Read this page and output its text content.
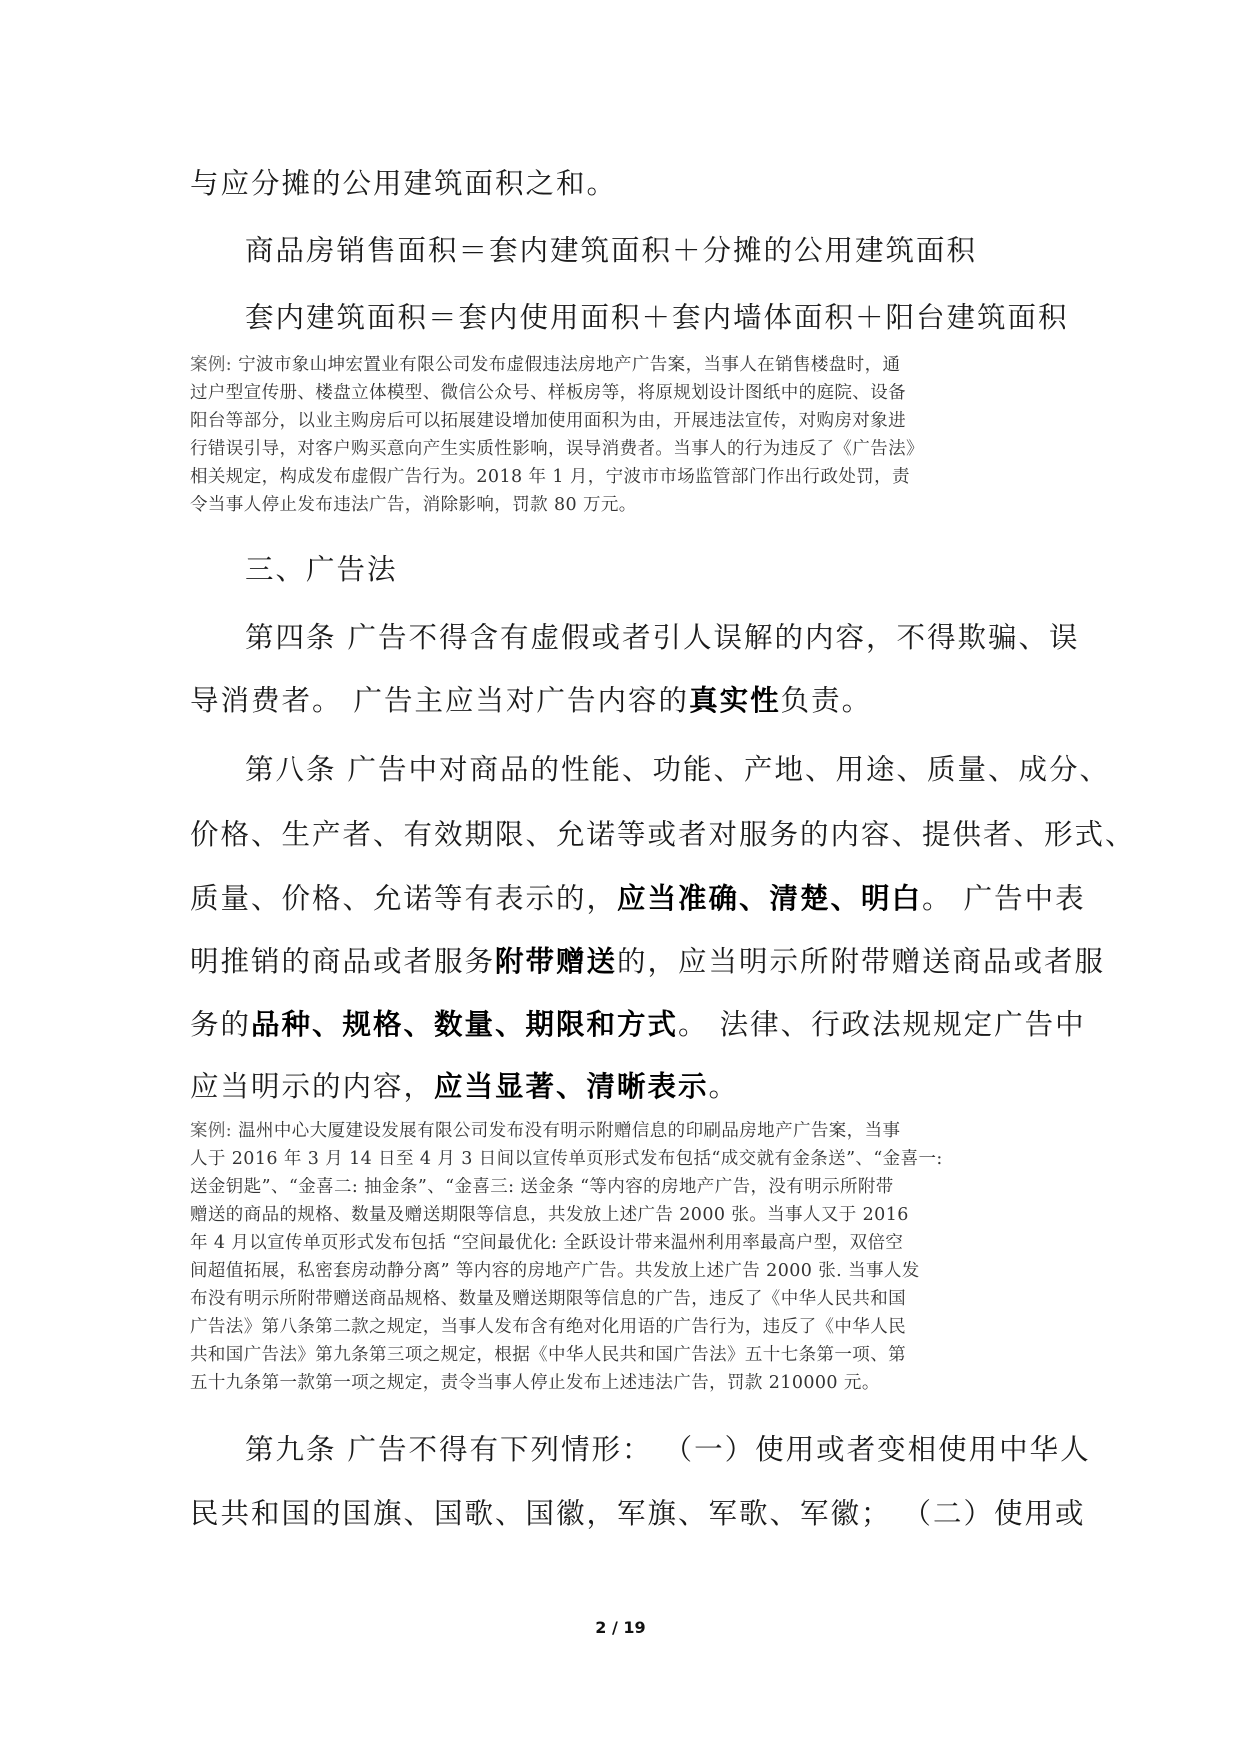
与应分摊的公用建筑面积之和。
商品房销售面积＝套内建筑面积＋分摊的公用建筑面积
套内建筑面积＝套内使用面积＋套内墙体面积＋阳台建筑面积
案例: 宁波市象山坤宏置业有限公司发布虚假违法房地产广告案，当事人在销售楼盘时，通
过户型宣传册、楼盘立体模型、微信公众号、样板房等，将原规划设计图纸中的庭院、设备
阳台等部分，以业主购房后可以拓展建设增加使用面积为由，开展违法宣传，对购房对象进
行错误引导，对客户购买意向产生实质性影响，误导消费者。当事人的行为违反了《广告法》
相关规定，构成发布虚假广告行为。2018 年 1 月，宁波市市场监管部门作出行政处罚，责
令当事人停止发布违法广告，消除影响，罚款 80 万元。
三、广告法
第四条 广告不得含有虚假或者引人误解的内容，不得欺骗、误
导消费者。 广告主应当对广告内容的真实性负责。
第八条 广告中对商品的性能、功能、产地、用途、质量、成分、
价格、生产者、有效期限、允诺等或者对服务的内容、提供者、形式、
质量、价格、允诺等有表示的，应当准确、清楚、明白。 广告中表
明推销的商品或者服务附带赠送的，应当明示所附带赠送商品或者服
务的品种、规格、数量、期限和方式。 法律、行政法规规定广告中
应当明示的内容，应当显著、清晰表示。
案例: 温州中心大厦建设发展有限公司发布没有明示附赠信息的印刷品房地产广告案，当事
人于 2016 年 3 月 14 日至 4 月 3 日间以宣传单页形式发布包括“成交就有金条送”、“金喜一:
送金钥匙”、“金喜二: 抽金条”、“金喜三: 送金条 “等内容的房地产广告，没有明示所附带
赠送的商品的规格、数量及赠送期限等信息，共发放上述广告 2000 张。当事人又于 2016
年 4 月以宣传单页形式发布包括 “空间最优化: 全跃设计带来温州利用率最高户型，双倍空
间超值拓展，私密套房动静分离” 等内容的房地产广告。共发放上述广告 2000 张. 当事人发
布没有明示所附带赠送商品规格、数量及赠送期限等信息的广告，违反了《中华人民共和国
广告法》第八条第二款之规定，当事人发布含有绝对化用语的广告行为，违反了《中华人民
共和国广告法》第九条第三项之规定，根据《中华人民共和国广告法》五十七条第一项、第
五十九条第一款第一项之规定，责令当事人停止发布上述违法广告，罚款 210000 元。
第九条 广告不得有下列情形： （一）使用或者变相使用中华人
民共和国的国旗、国歌、国徽，军旗、军歌、军徽； （二）使用或
2 / 19
